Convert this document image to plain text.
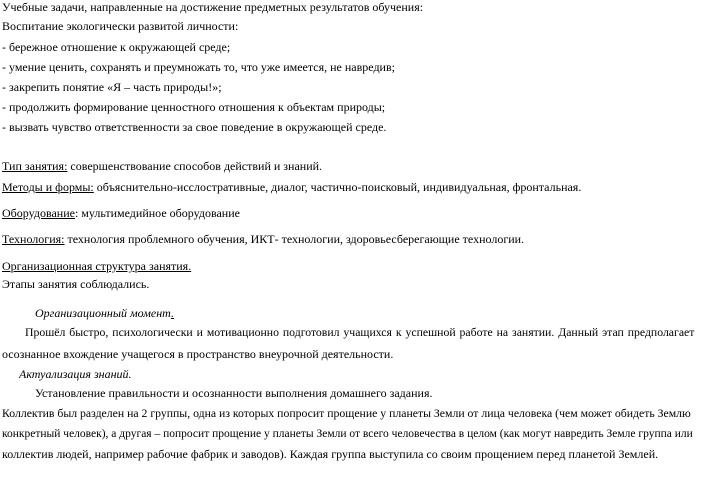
Учебные задачи, направленные на достижение предметных результатов обучения:
Воспитание экологически развитой личности:
- бережное отношение к окружающей среде;
- умение ценить, сохранять и преумножать то, что уже имеется, не навредив;
- закрепить понятие «Я – часть природы!»;
- продолжить формирование ценностного отношения к объектам природы;
- вызвать чувство ответственности за свое поведение в окружающей среде.
Тип занятия: совершенствование способов действий и знаний.
Методы и формы: объяснительно-исслостративные, диалог, частично-поисковый, индивидуальная, фронтальная.
Оборудование: мультимедийное оборудование
Технология: технология проблемного обучения, ИКТ- технологии, здоровьесберегающие технологии.
Организационная структура занятия.
Этапы занятия соблюдались.
Организационный момент.
Прошёл быстро, психологически и мотивационно подготовил учащихся к успешной работе на занятии. Данный этап предполагает
осознанное вхождение учащегося в пространство внеурочной деятельности.
Актуализация знаний.
Установление правильности и осознанности выполнения домашнего задания.
Коллектив был разделен на 2 группы, одна из которых попросит прощение у планеты Земли от лица человека (чем может обидеть Землю
конкретный человек), а другая – попросит прощение у планеты Земли от всего человечества в целом (как могут навредить Земле группа или
коллектив людей, например рабочие фабрик и заводов). Каждая группа выступила со своим прощением перед планетой Землей.
